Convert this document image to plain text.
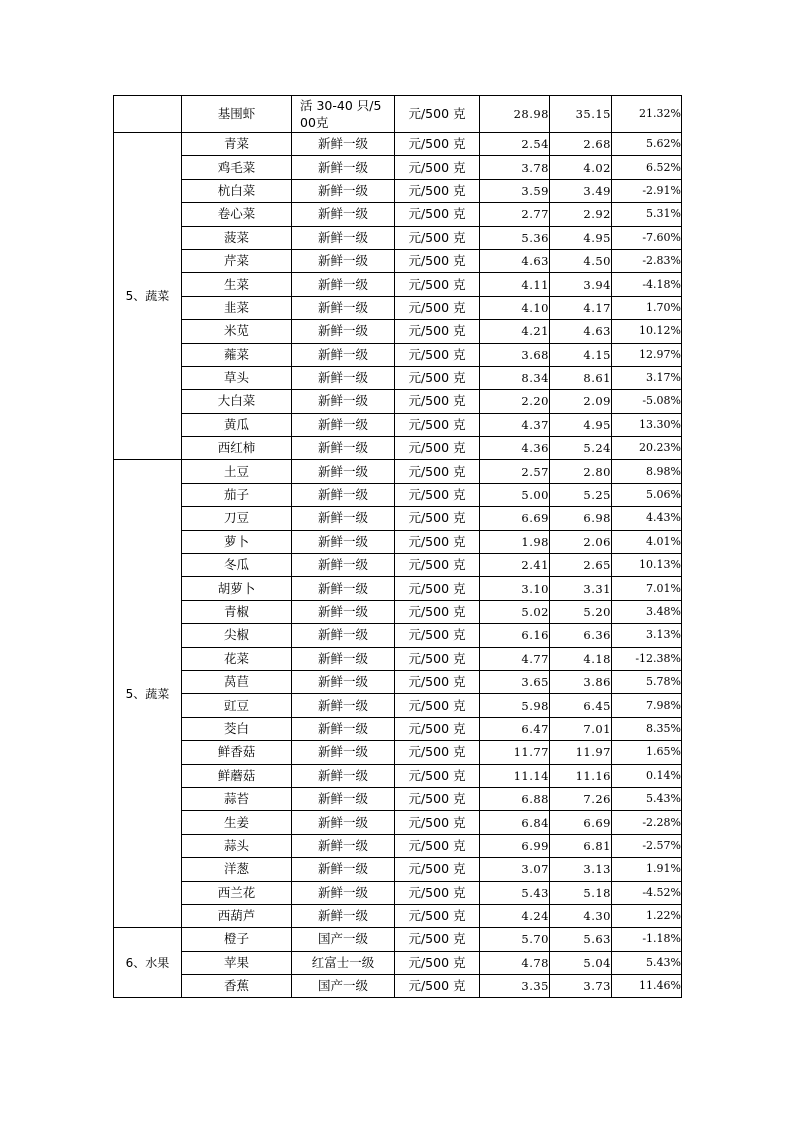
	基围虾	活 30-40 只/500克	元/500 克	28.98	35.15	21.32%
5、蔬菜	青菜	新鲜一级	元/500 克	2.54	2.68	5.62%
	鸡毛菜	新鲜一级	元/500 克	3.78	4.02	6.52%
	杭白菜	新鲜一级	元/500 克	3.59	3.49	-2.91%
	卷心菜	新鲜一级	元/500 克	2.77	2.92	5.31%
	菠菜	新鲜一级	元/500 克	5.36	4.95	-7.60%
	芹菜	新鲜一级	元/500 克	4.63	4.50	-2.83%
	生菜	新鲜一级	元/500 克	4.11	3.94	-4.18%
	韭菜	新鲜一级	元/500 克	4.10	4.17	1.70%
	米苋	新鲜一级	元/500 克	4.21	4.63	10.12%
	蕹菜	新鲜一级	元/500 克	3.68	4.15	12.97%
	草头	新鲜一级	元/500 克	8.34	8.61	3.17%
	大白菜	新鲜一级	元/500 克	2.20	2.09	-5.08%
	黄瓜	新鲜一级	元/500 克	4.37	4.95	13.30%
	西红柿	新鲜一级	元/500 克	4.36	5.24	20.23%
5、蔬菜	土豆	新鲜一级	元/500 克	2.57	2.80	8.98%
	茄子	新鲜一级	元/500 克	5.00	5.25	5.06%
	刀豆	新鲜一级	元/500 克	6.69	6.98	4.43%
	萝卜	新鲜一级	元/500 克	1.98	2.06	4.01%
	冬瓜	新鲜一级	元/500 克	2.41	2.65	10.13%
	胡萝卜	新鲜一级	元/500 克	3.10	3.31	7.01%
	青椒	新鲜一级	元/500 克	5.02	5.20	3.48%
	尖椒	新鲜一级	元/500 克	6.16	6.36	3.13%
	花菜	新鲜一级	元/500 克	4.77	4.18	-12.38%
	莴苣	新鲜一级	元/500 克	3.65	3.86	5.78%
	豇豆	新鲜一级	元/500 克	5.98	6.45	7.98%
	茭白	新鲜一级	元/500 克	6.47	7.01	8.35%
	鲜香菇	新鲜一级	元/500 克	11.77	11.97	1.65%
	鲜蘑菇	新鲜一级	元/500 克	11.14	11.16	0.14%
	蒜苔	新鲜一级	元/500 克	6.88	7.26	5.43%
	生姜	新鲜一级	元/500 克	6.84	6.69	-2.28%
	蒜头	新鲜一级	元/500 克	6.99	6.81	-2.57%
	洋葱	新鲜一级	元/500 克	3.07	3.13	1.91%
	西兰花	新鲜一级	元/500 克	5.43	5.18	-4.52%
	西葫芦	新鲜一级	元/500 克	4.24	4.30	1.22%
6、水果	橙子	国产一级	元/500 克	5.70	5.63	-1.18%
	苹果	红富士一级	元/500 克	4.78	5.04	5.43%
	香蕉	国产一级	元/500 克	3.35	3.73	11.46%
